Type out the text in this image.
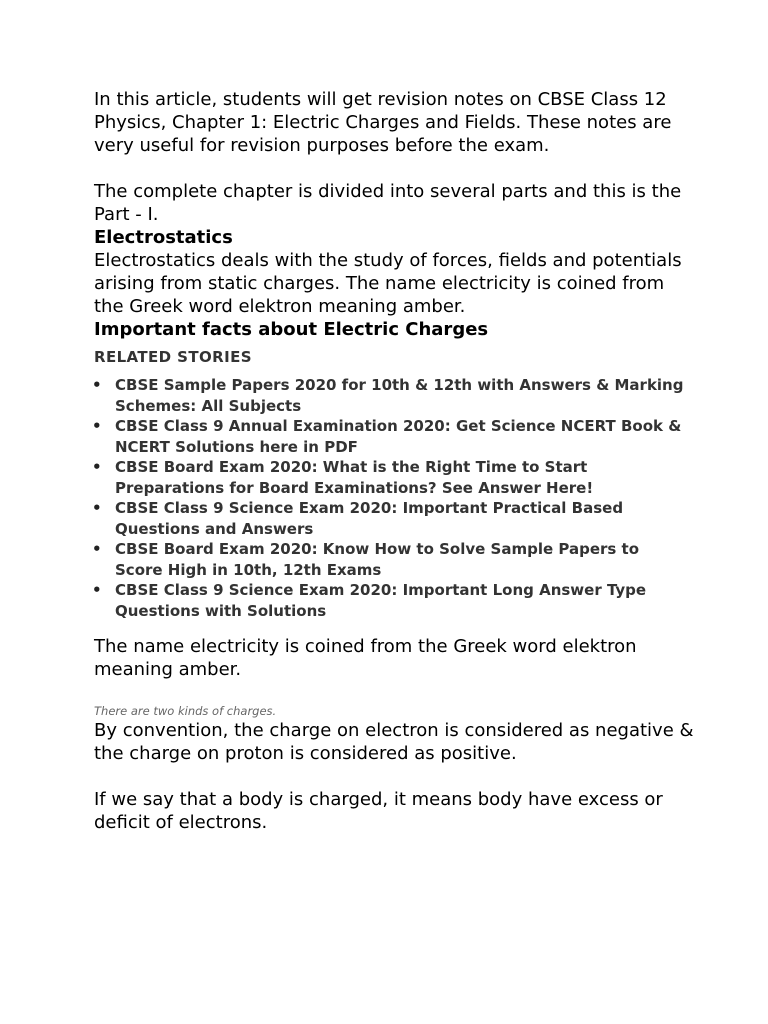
In this article, students will get revision notes on CBSE Class 12 Physics, Chapter 1: Electric Charges and Fields. These notes are very useful for revision purposes before the exam.

The complete chapter is divided into several parts and this is the Part - I.

Electrostatics

Electrostatics deals with the study of forces, fields and potentials arising from static charges. The name electricity is coined from the Greek word elektron meaning amber.

Important facts about Electric Charges

RELATED STORIES

• CBSE Sample Papers 2020 for 10th & 12th with Answers & Marking Schemes: All Subjects
• CBSE Class 9 Annual Examination 2020: Get Science NCERT Book & NCERT Solutions here in PDF
• CBSE Board Exam 2020: What is the Right Time to Start Preparations for Board Examinations? See Answer Here!
• CBSE Class 9 Science Exam 2020: Important Practical Based Questions and Answers
• CBSE Board Exam 2020: Know How to Solve Sample Papers to Score High in 10th, 12th Exams
• CBSE Class 9 Science Exam 2020: Important Long Answer Type Questions with Solutions

The name electricity is coined from the Greek word elektron meaning amber.

There are two kinds of charges.

By convention, the charge on electron is considered as negative & the charge on proton is considered as positive.

If we say that a body is charged, it means body have excess or deficit of electrons.
